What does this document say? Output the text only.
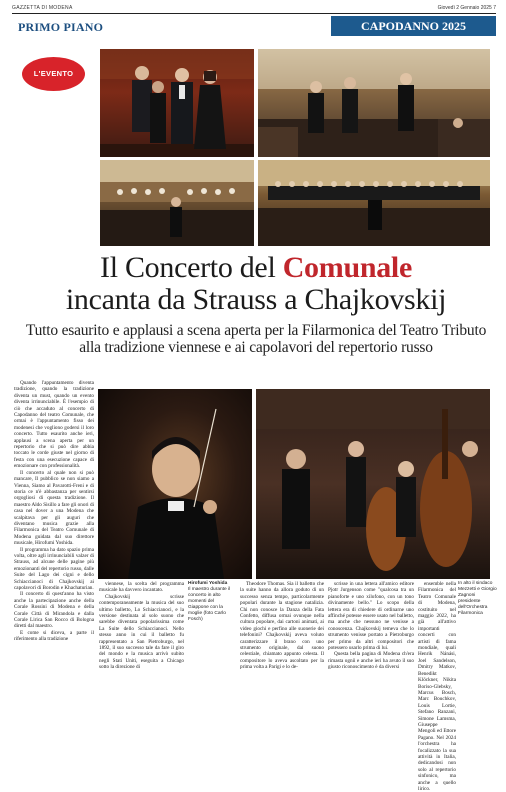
GAZZETTA DI MODENA	Giovedì 2 Gennaio 2025 7
PRIMO PIANO	CAPODANNO 2025
L'EVENTO
Il Concerto del Comunale
incanta da Strauss a Chajkovskij
Tutto esaurito e applausi a scena aperta per la Filarmonica del Teatro Tributo alla tradizione viennese e ai capolavori del repertorio russo

Quando l'appuntamento diventa tradizione, quando la tradizione diventa un must, quando un evento diventa irrinunciabile. È l'esempio di ciò che accaduto al concerto di Capodanno del teatro Comunale, che ormai è l'appuntamento fisso dei modenesi che vogliono godersi il loro concerto. Tutto esaurito anche ieri, applausi a scena aperta per un repertorio che si può dire abbia toccato le corde giuste nel giorno di festa con una esecuzione capace di emozionare con professionalità.

Il concerto al quale non si può mancare, Il pubblico se non siamo a Vienna, Siamo al Pavarotti-Freni e di storia ce n'è abbastanza per sentirsi orgogliosi di questa tradizione. Il maestro Aldo Sisillo a fare gli onori di casa nel dover a una Modena che scalpitava per gli auguri che diventano musica grazie alla Filarmonica del Teatro Comunale di Modena guidata dal suo direttore musicale, Hirofumi Yoshida.

Il programma ha dato spazio prima volta, oltre agli irrinunciabili valzer di Strauss, ad alcune delle pagine più emozionanti del repertorio russo, dalle Suite del Lago dei cigni e dello Schiaccianoci di Chajkovskij ai capolavori di Borodin e Khachaturian.

Il concerto di quest'anno ha visto anche la partecipazione anche della Corale Rossini di Modena e della Corale Città di Mirandola e dalla Corale Lirica San Rocco di Bologna diretti dal maestro.

E come si diceva, a parte il riferimento alla tradizione

viennese, la scelta del programma musicale ha davvero incantato.

Chajkovskij scrisse contemporaneamente la musica del suo ultimo balletto, Lo Schiaccianoci, e la versione destinata al solo suono che sarebbe diventata popolarissima come La Suite dello Schiaccianoci. Nello stesso anno in cui il balletto fu rappresentato a San Pietroburgo, nel 1892, il suo successo tale da fare il giro del mondo e la musica arrivò subito negli Stati Uniti, eseguita a Chicago sotto la direzione di

Hirofumi Yoshida
Il maestro durante il concerto in alto momenti del Giappone con la moglie (foto Carlo Fosch)

Theodore Thomas. Sia il balletto che la suite hanno da allora goduto di un successo senza tempo, particolarmente popolari durante la stagione natalizia. Chi non conosce la Danza della Fata Confetto, diffusa ormai ovunque nella cultura popolare, dai cartoni animati, ai video giochi e perfino alle suonerie dei telefonini? Chajkovskij aveva voluto caratterizzare il brano con uno strumento originale, dal suono celestiale, chiamato appunto celesta. Il compositore lo aveva ascoltato per la prima volta a Parigi e lo de-

scrisse in una lettera all'amico editore Pjotr Jurgenson come "qualcosa tra un pianoforte e uno xilofono, con un tono divinamente bello." Lo scopo della lettera era di chiedere di ordinarne uno affinché potesse essere usato nel balletto, ma anche che nessuno ne venisse a conoscenza. Chajkovskij temeva che lo strumento venisse portato a Pietroburgo per primo da altri compositori che potessero usarlo prima di lui.

Questa bella pagina di Modena ch'era rimasta ognii e anche ieri ha avuto il suo giusto riconoscimento è da diversi

ensemble nella Filarmonica del Teatro Comunale di Modena, costituito nel maggio 2022, ha già all'attivo importanti concerti con artisti di fama mondiale, quali Henrik Nánási, Joel Sandelson, Dmitry Matkov, Benedikt Klöckner, Nikita Boriso-Glebsky, Marcus Bosch, Marc Bouchkov, Louis Lortie, Stefano Ranzani, Simone Lamsma, Giuseppe Mengoli ed Ettore Pagano. Nel 2024 l'orchestra ha focalizzato la sua attività in Italia, dedicandosi non solo al repertorio sinfonico, ma anche a quello lirico.

In alto il sindaco Mezzetti e Giorgio Zagnoni presidente dell'Orchestra Filarmonica
